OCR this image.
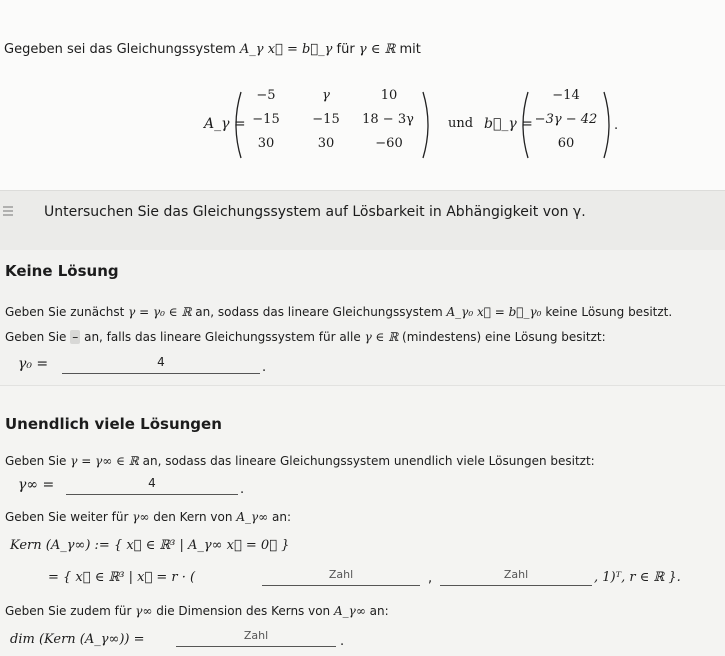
Gegeben sei das Gleichungssystem A_γ x⃗ = b⃗_γ für γ ∈ ℝ mit
A_γ =
−5	γ	10
−15	−15	18 − 3γ
30	30	−60
und b⃗_γ =
−14
−3γ − 42
60
.
Untersuchen Sie das Gleichungssystem auf Lösbarkeit in Abhängigkeit von γ.
Keine Lösung
Geben Sie zunächst γ = γ₀ ∈ ℝ an, sodass das lineare Gleichungssystem A_γ₀ x⃗ = b⃗_γ₀ keine Lösung besitzt.
Geben Sie – an, falls das lineare Gleichungssystem für alle γ ∈ ℝ (mindestens) eine Lösung besitzt:
γ₀ =	4	.
Unendlich viele Lösungen
Geben Sie γ = γ∞ ∈ ℝ an, sodass das lineare Gleichungssystem unendlich viele Lösungen besitzt:
γ∞ =	4	.
Geben Sie weiter für γ∞ den Kern von A_γ∞ an:
Kern (A_γ∞) := { x⃗ ∈ ℝ³ | A_γ∞ x⃗ = 0⃗ }
= { x⃗ ∈ ℝ³ | x⃗ = r · (	Zahl	,	Zahl	, 1)ᵀ, r ∈ ℝ }.
Geben Sie zudem für γ∞ die Dimension des Kerns von A_γ∞ an:
dim (Kern (A_γ∞)) =	Zahl	.
